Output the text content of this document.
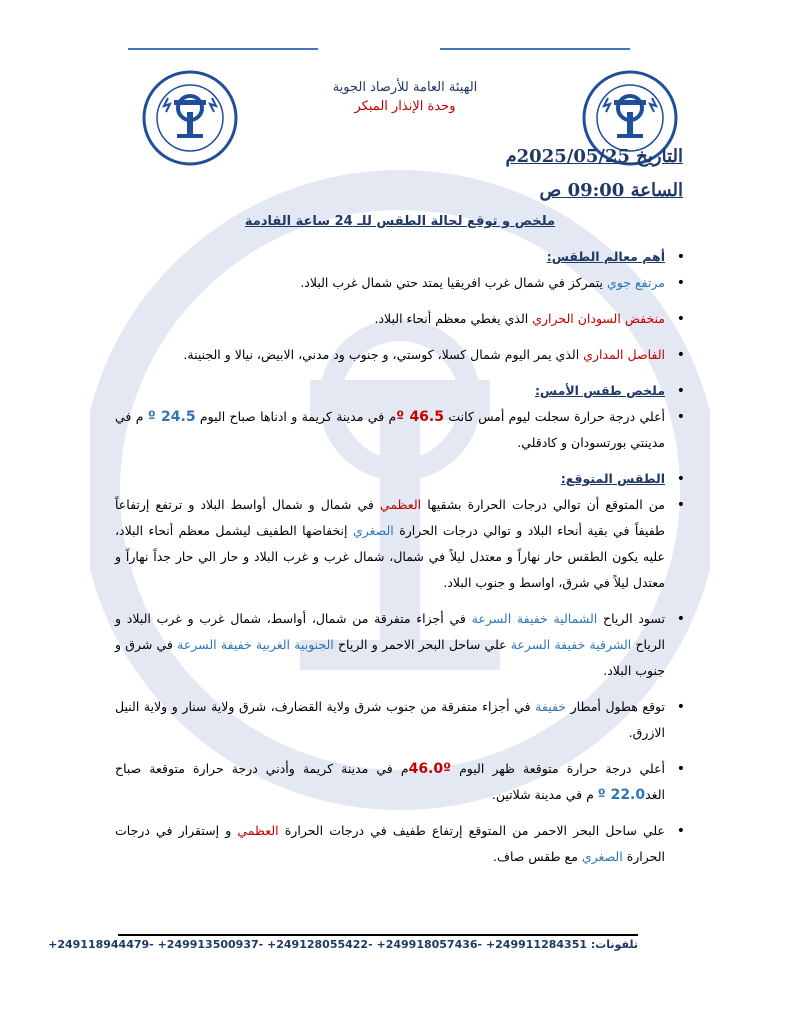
الهيئة العامة للأرصاد الجوية
وحدة الإنذار المبكر
التاريخ 2025/05/25م
الساعة 09:00 ص
ملخص و توقع لحالة الطقس للـ 24 ساعة القادمة
• أهم معالم الطقس:
• مرتفع جوي يتمركز في شمال غرب افريقيا يمتد حتي شمال غرب البلاد.
• منخفض السودان الحراري الذي يغطي معظم أنحاء البلاد.
• الفاصل المداري الذي يمر اليوم شمال كسلا، كوستي، و جنوب ود مدني، الابيض، نيالا و الجنينة.
• ملخص طقس الأمس:
• أعلي درجة حرارة سجلت ليوم أمس كانت 46.5 ºم في مدينة كريمة و ادناها صباح اليوم 24.5 º م في مدينتي بورتسودان و كادقلي.
• الطقس المتوقع:
• من المتوقع أن توالي درجات الحرارة بشقيها العظمي في شمال و شمال أواسط البلاد و ترتفع إرتفاعاً طفيفاً في بقية أنحاء البلاد و توالي درجات الحرارة الصغري إنخفاضها الطفيف ليشمل معظم أنحاء البلاد، عليه يكون الطقس حار نهاراً و معتدل ليلاً في شمال، شمال غرب و غرب البلاد و حار الي حار جداً نهاراً و معتدل ليلاً في شرق، اواسط و جنوب البلاد.
• تسود الرياح الشمالية خفيفة السرعة في أجزاء متفرقة من شمال، أواسط، شمال غرب و غرب البلاد و الرياح الشرقية خفيفة السرعة علي ساحل البحر الاحمر و الرياح الجنوبية الغربية خفيفة السرعة في شرق و جنوب البلاد.
• توقع هطول أمطار خفيفة في أجزاء متفرقة من جنوب شرق ولاية القضارف، شرق ولاية سنار و ولاية النيل الازرق.
• أعلي درجة حرارة متوقعة ظهر اليوم 46.0ºم في مدينة كريمة وأدني درجة حرارة متوقعة صباح الغد22.0 º م في مدينة شلاتين.
• علي ساحل البحر الاحمر من المتوقع إرتفاع طفيف في درجات الحرارة العظمي و إستقرار في درجات الحرارة الصغري مع طقس صاف.
تلفونات: +249118944479- +249913500937- +249128055422- +249918057436- +249911284351
